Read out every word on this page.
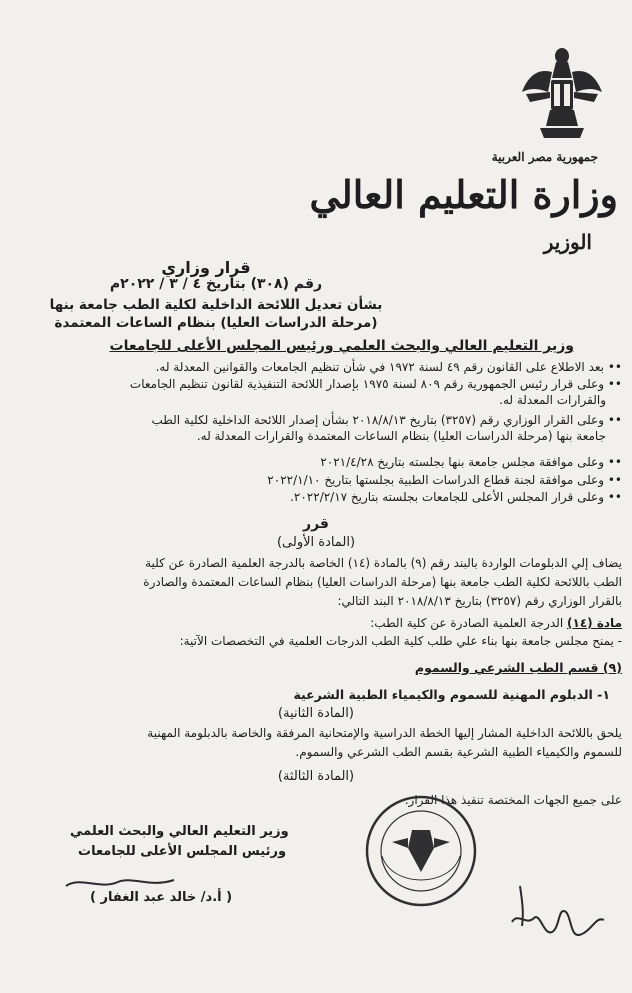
جمهورية مصر العربية
وزارة التعليم العالي
الوزير
قرار وزاري
رقم (٣٠٨) بتاريخ ٤ / ٣ / ٢٠٢٢م
بشأن تعديل اللائحة الداخلية لكلية الطب جامعة بنها
(مرحلة الدراسات العليا) بنظام الساعات المعتمدة
وزير التعليم العالي والبحث العلمي ورئيس المجلس الأعلى للجامعات
•• بعد الاطلاع على القانون رقم ٤٩ لسنة ١٩٧٢ في شأن تنظيم الجامعات والقوانين المعدلة له.
•• وعلى قرار رئيس الجمهورية رقم ٨٠٩ لسنة ١٩٧٥ بإصدار اللائحة التنفيذية لقانون تنظيم الجامعات
والقرارات المعدلة له.
•• وعلى القرار الوزاري رقم (٣٢٥٧) بتاريخ ٢٠١٨/٨/١٣ بشأن إصدار اللائحة الداخلية لكلية الطب
جامعة بنها (مرحلة الدراسات العليا) بنظام الساعات المعتمدة والقرارات المعدلة له.
•• وعلى موافقة مجلس جامعة بنها بجلسته بتاريخ ٢٠٢١/٤/٢٨
•• وعلى موافقة لجنة قطاع الدراسات الطبية بجلستها بتاريخ ٢٠٢٢/١/١٠
•• وعلى قرار المجلس الأعلى للجامعات بجلسته بتاريخ ٢٠٢٢/٢/١٧.
قرر
(المادة الأولى)
يضاف إلي الدبلومات الواردة بالبند رقم (٩) بالمادة (١٤) الخاصة بالدرجة العلمية الصادرة عن كلية
الطب باللائحة لكلية الطب جامعة بنها (مرحلة الدراسات العليا) بنظام الساعات المعتمدة والصادرة
بالقرار الوزاري رقم (٣٢٥٧) بتاريخ ٢٠١٨/٨/١٣ البند التالي:
مادة (١٤) الدرجة العلمية الصادرة عن كلية الطب:
- يمنح مجلس جامعة بنها بناء علي طلب كلية الطب الدرجات العلمية في التخصصات الآتية:
(٩) قسم الطب الشرعي والسموم
١- الدبلوم المهنية للسموم والكيمياء الطبية الشرعية
(المادة الثانية)
يلحق باللائحة الداخلية المشار إليها الخطة الدراسية والإمتحانية المرفقة والخاصة بالدبلومة المهنية
للسموم والكيمياء الطبية الشرعية بقسم الطب الشرعي والسموم.
(المادة الثالثة)
على جميع الجهات المختصة تنفيذ هذا القرار.
وزير التعليم العالي والبحث العلمي
ورئيس المجلس الأعلى للجامعات
( أ.د/ خالد عبد الغفار )
